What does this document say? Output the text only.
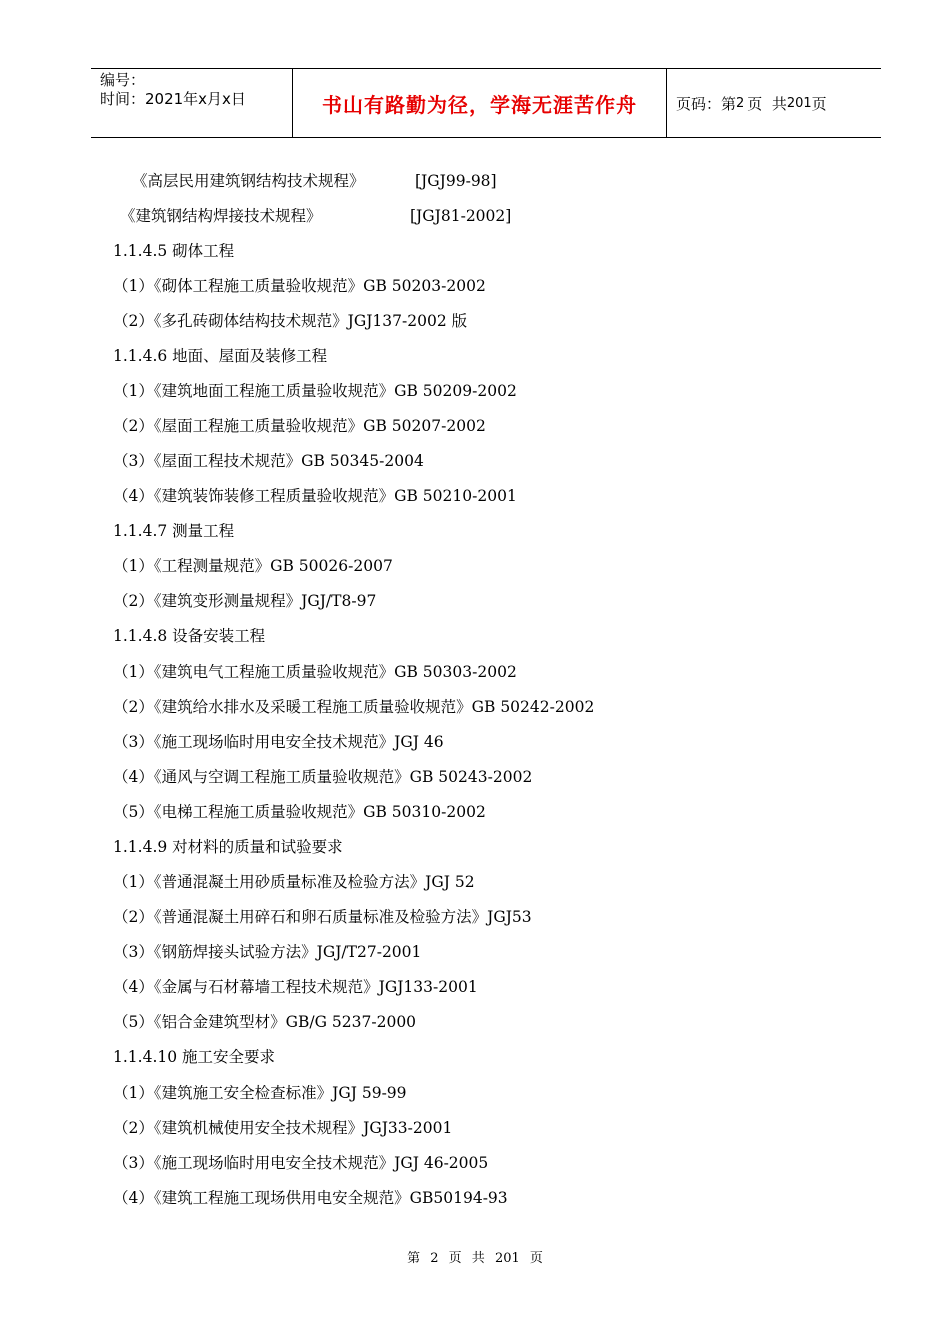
编号：
时间：2021年x月x日	书山有路勤为径，学海无涯苦作舟	页码：第 2 页  共 201 页
《高层民用建筑钢结构技术规程》	[JGJ99-98]
《建筑钢结构焊接技术规程》	[JGJ81-2002]
1.1.4.5 砌体工程
（1）《砌体工程施工质量验收规范》GB 50203-2002
（2）《多孔砖砌体结构技术规范》JGJ137-2002 版
1.1.4.6 地面、屋面及装修工程
（1）《建筑地面工程施工质量验收规范》GB 50209-2002
（2）《屋面工程施工质量验收规范》GB 50207-2002
（3）《屋面工程技术规范》GB 50345-2004
（4）《建筑装饰装修工程质量验收规范》GB 50210-2001
1.1.4.7 测量工程
（1）《工程测量规范》GB 50026-2007
（2）《建筑变形测量规程》JGJ/T8-97
1.1.4.8 设备安装工程
（1）《建筑电气工程施工质量验收规范》GB 50303-2002
（2）《建筑给水排水及采暖工程施工质量验收规范》GB 50242-2002
（3）《施工现场临时用电安全技术规范》JGJ 46
（4）《通风与空调工程施工质量验收规范》GB 50243-2002
（5）《电梯工程施工质量验收规范》GB 50310-2002
1.1.4.9 对材料的质量和试验要求
（1）《普通混凝土用砂质量标准及检验方法》JGJ 52
（2）《普通混凝土用碎石和卵石质量标准及检验方法》JGJ53
（3）《钢筋焊接头试验方法》JGJ/T27-2001
（4）《金属与石材幕墙工程技术规范》JGJ133-2001
（5）《铝合金建筑型材》GB/G 5237-2000
1.1.4.10 施工安全要求
（1）《建筑施工安全检查标准》JGJ 59-99
（2）《建筑机械使用安全技术规程》JGJ33-2001
（3）《施工现场临时用电安全技术规范》JGJ 46-2005
（4）《建筑工程施工现场供用电安全规范》GB50194-93
第 2 页 共 201 页
